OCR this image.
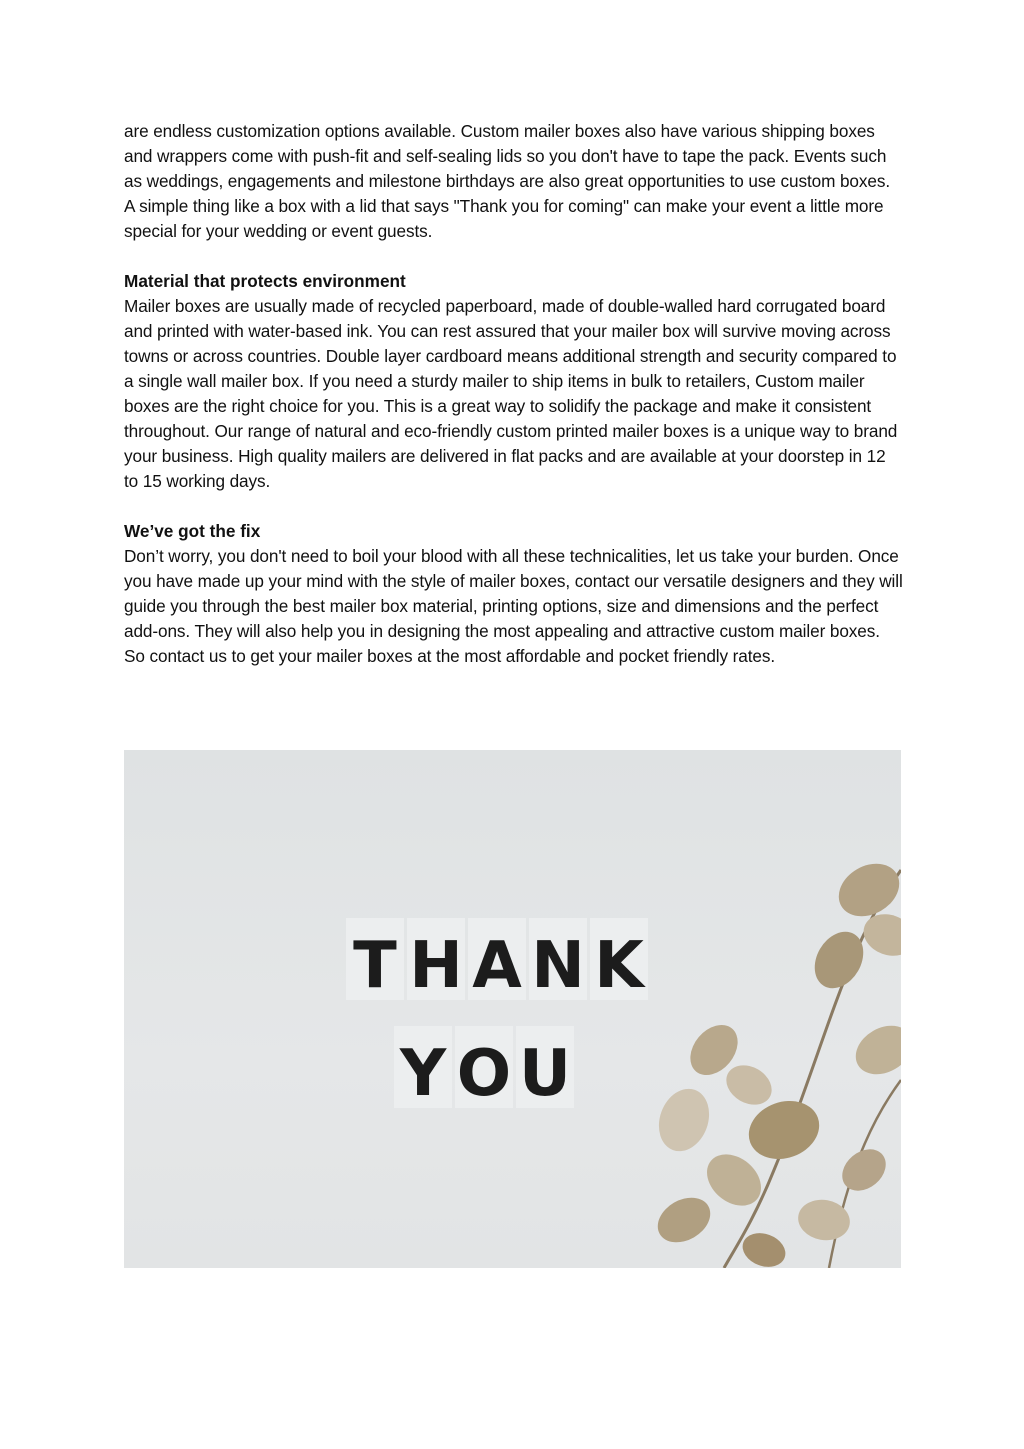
are endless customization options available. Custom mailer boxes also have various shipping boxes and wrappers come with push-fit and self-sealing lids so you don't have to tape the pack. Events such as weddings, engagements and milestone birthdays are also great opportunities to use custom boxes. A simple thing like a box with a lid that says "Thank you for coming" can make your event a little more special for your wedding or event guests.

Material that protects environment

Mailer boxes are usually made of recycled paperboard, made of double-walled hard corrugated board and printed with water-based ink. You can rest assured that your mailer box will survive moving across towns or across countries. Double layer cardboard means additional strength and security compared to a single wall mailer box. If you need a sturdy mailer to ship items in bulk to retailers, Custom mailer boxes are the right choice for you. This is a great way to solidify the package and make it consistent throughout. Our range of natural and eco-friendly custom printed mailer boxes is a unique way to brand your business. High quality mailers are delivered in flat packs and are available at your doorstep in 12 to 15 working days.

We’ve got the fix

Don’t worry, you don't need to boil your blood with all these technicalities, let us take your burden. Once you have made up your mind with the style of mailer boxes, contact our versatile designers and they will guide you through the best mailer box material, printing options, size and dimensions and the perfect add-ons. They will also help you in designing the most appealing and attractive custom mailer boxes. So contact us to get your mailer boxes at the most affordable and pocket friendly rates.

T H A N K
Y O U
